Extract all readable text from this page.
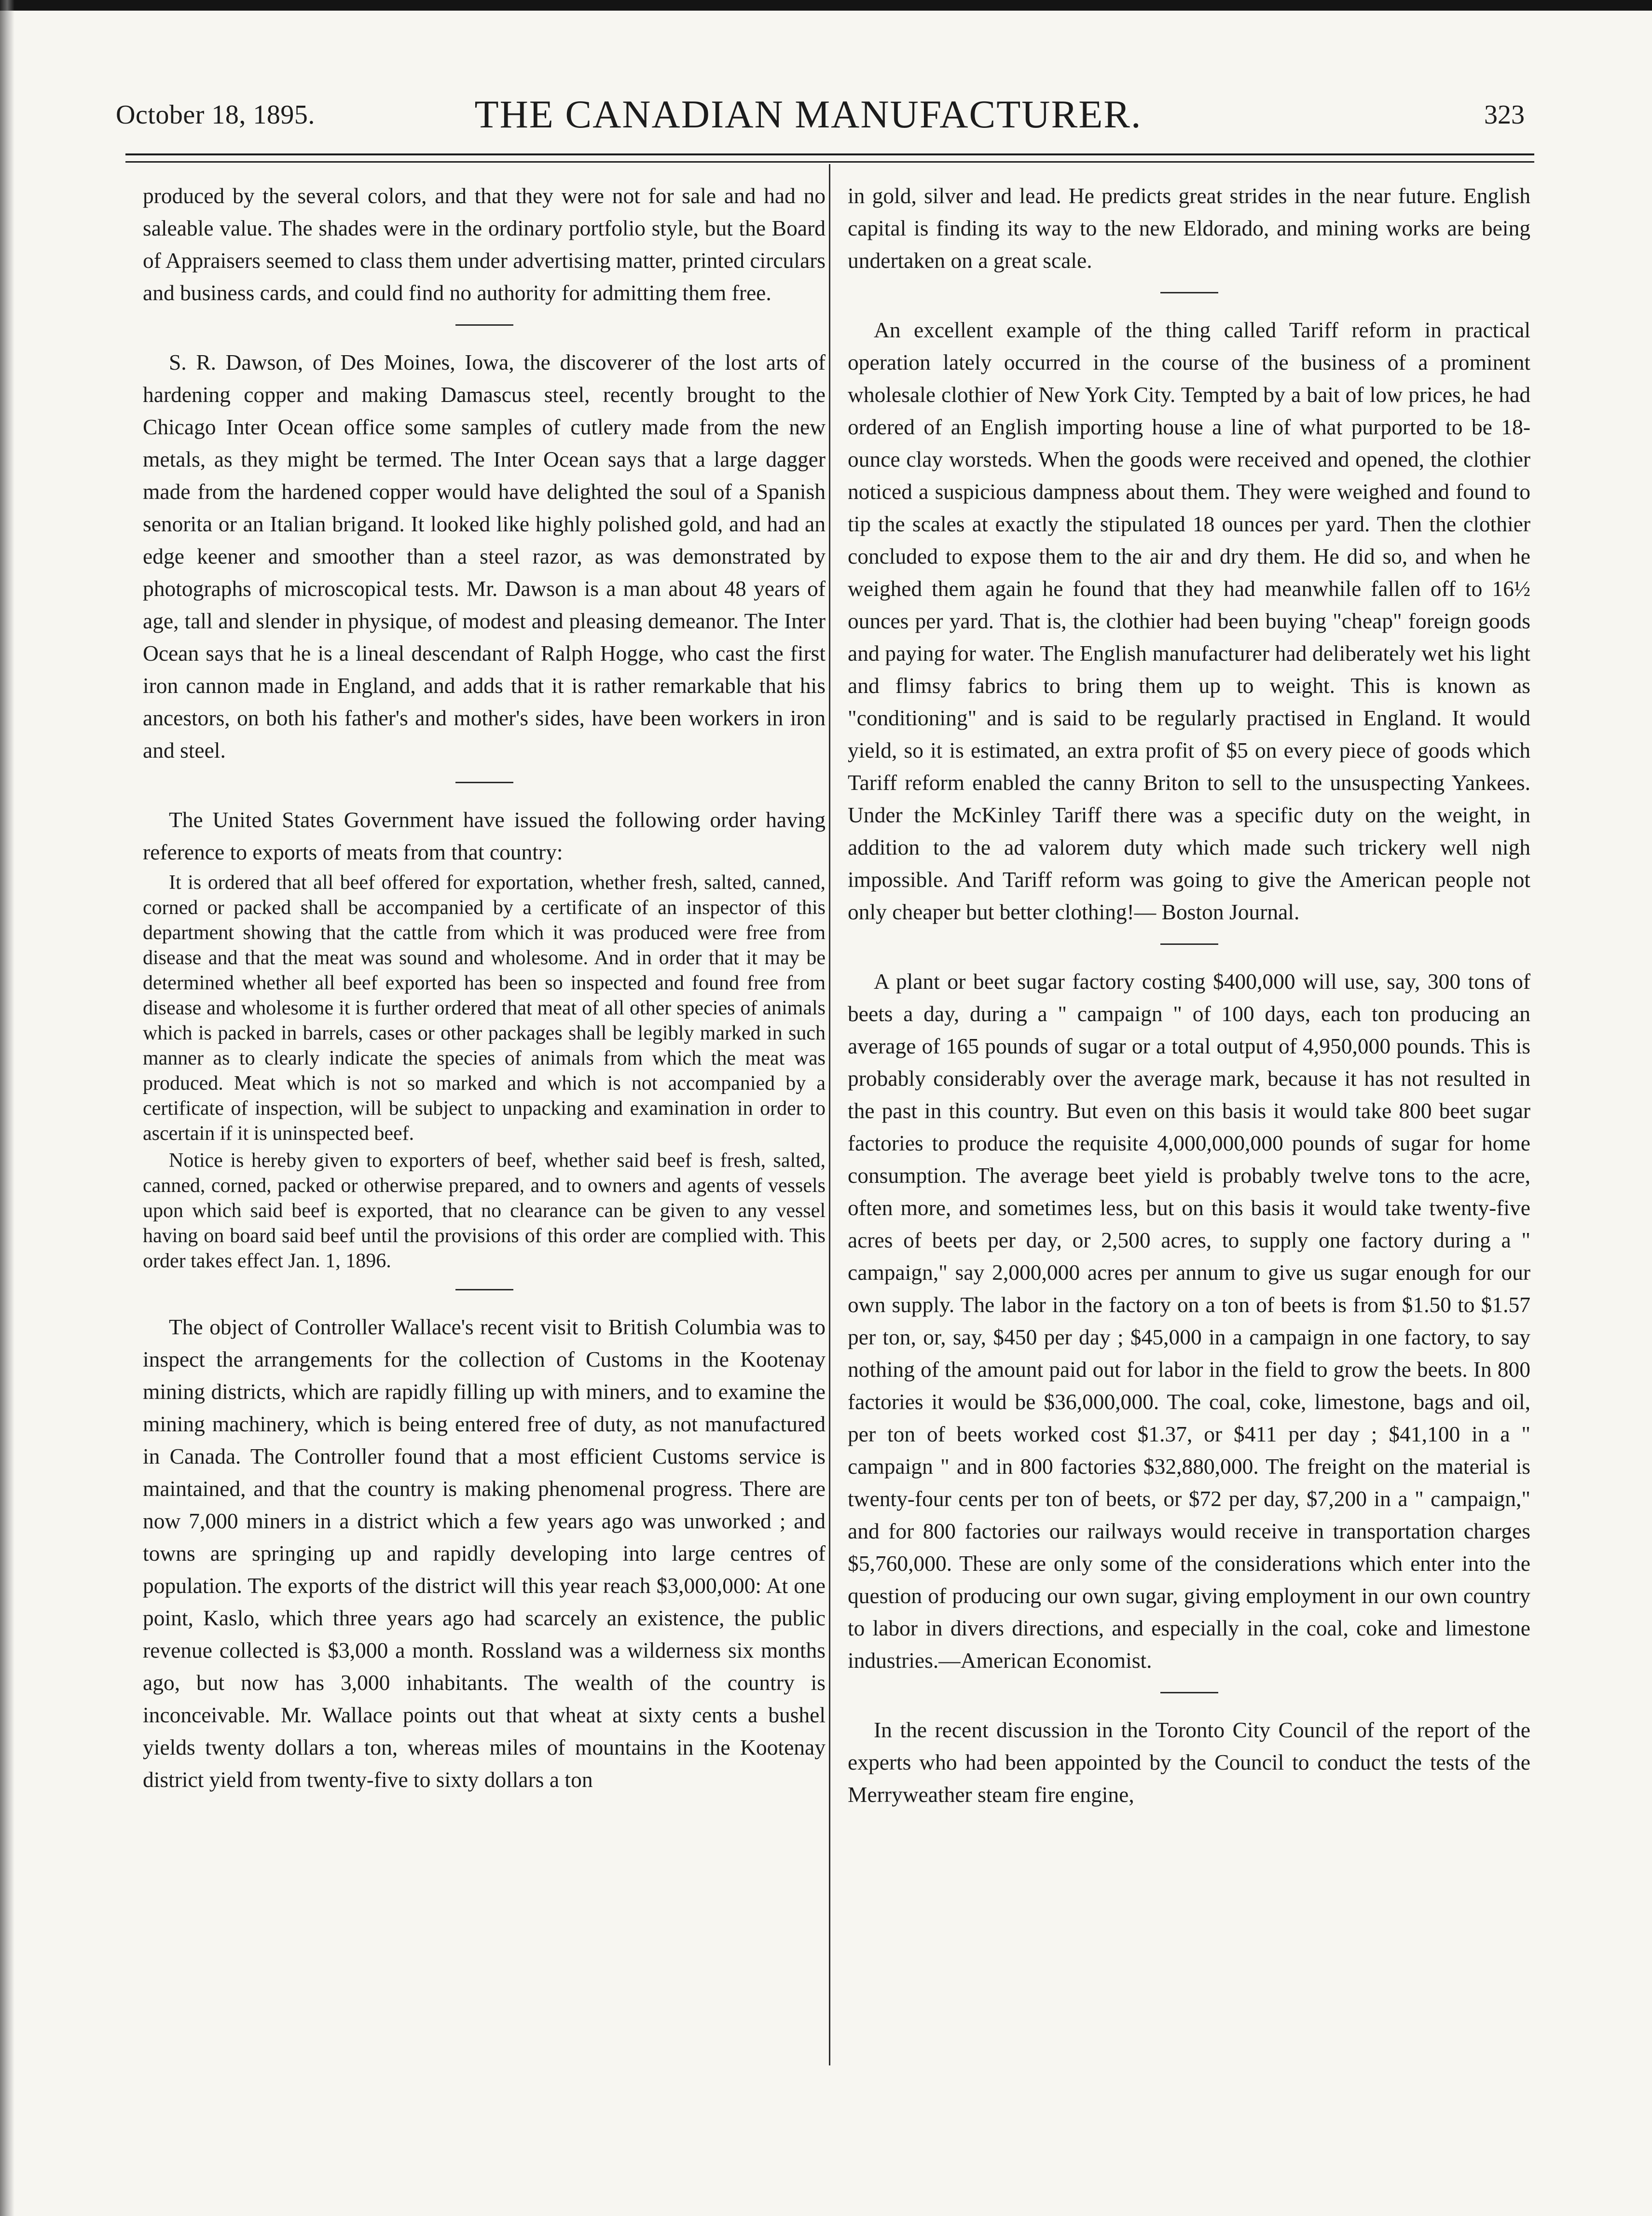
October 18, 1895.	THE CANADIAN MANUFACTURER.	323

produced by the several colors, and that they were not for sale and had no saleable value. The shades were in the ordinary portfolio style, but the Board of Appraisers seemed to class them under advertising matter, printed circulars and business cards, and could find no authority for admitting them free.

S. R. Dawson, of Des Moines, Iowa, the discoverer of the lost arts of hardening copper and making Damascus steel, recently brought to the Chicago Inter Ocean office some samples of cutlery made from the new metals, as they might be termed. The Inter Ocean says that a large dagger made from the hardened copper would have delighted the soul of a Spanish senorita or an Italian brigand. It looked like highly polished gold, and had an edge keener and smoother than a steel razor, as was demonstrated by photographs of microscopical tests. Mr. Dawson is a man about 48 years of age, tall and slender in physique, of modest and pleasing demeanor. The Inter Ocean says that he is a lineal descendant of Ralph Hogge, who cast the first iron cannon made in England, and adds that it is rather remarkable that his ancestors, on both his father's and mother's sides, have been workers in iron and steel.

The United States Government have issued the following order having reference to exports of meats from that country:

It is ordered that all beef offered for exportation, whether fresh, salted, canned, corned or packed shall be accompanied by a certificate of an inspector of this department showing that the cattle from which it was produced were free from disease and that the meat was sound and wholesome. And in order that it may be determined whether all beef exported has been so inspected and found free from disease and wholesome it is further ordered that meat of all other species of animals which is packed in barrels, cases or other packages shall be legibly marked in such manner as to clearly indicate the species of animals from which the meat was produced. Meat which is not so marked and which is not accompanied by a certificate of inspection, will be subject to unpacking and examination in order to ascertain if it is uninspected beef.

Notice is hereby given to exporters of beef, whether said beef is fresh, salted, canned, corned, packed or otherwise prepared, and to owners and agents of vessels upon which said beef is exported, that no clearance can be given to any vessel having on board said beef until the provisions of this order are complied with. This order takes effect Jan. 1, 1896.

The object of Controller Wallace's recent visit to British Columbia was to inspect the arrangements for the collection of Customs in the Kootenay mining districts, which are rapidly filling up with miners, and to examine the mining machinery, which is being entered free of duty, as not manufactured in Canada. The Controller found that a most efficient Customs service is maintained, and that the country is making phenomenal progress. There are now 7,000 miners in a district which a few years ago was unworked ; and towns are springing up and rapidly developing into large centres of population. The exports of the district will this year reach $3,000,000: At one point, Kaslo, which three years ago had scarcely an existence, the public revenue collected is $3,000 a month. Rossland was a wilderness six months ago, but now has 3,000 inhabitants. The wealth of the country is inconceivable. Mr. Wallace points out that wheat at sixty cents a bushel yields twenty dollars a ton, whereas miles of mountains in the Kootenay district yield from twenty-five to sixty dollars a ton

in gold, silver and lead. He predicts great strides in the near future. English capital is finding its way to the new Eldorado, and mining works are being undertaken on a great scale.

An excellent example of the thing called Tariff reform in practical operation lately occurred in the course of the business of a prominent wholesale clothier of New York City. Tempted by a bait of low prices, he had ordered of an English importing house a line of what purported to be 18-ounce clay worsteds. When the goods were received and opened, the clothier noticed a suspicious dampness about them. They were weighed and found to tip the scales at exactly the stipulated 18 ounces per yard. Then the clothier concluded to expose them to the air and dry them. He did so, and when he weighed them again he found that they had meanwhile fallen off to 16½ ounces per yard. That is, the clothier had been buying "cheap" foreign goods and paying for water. The English manufacturer had deliberately wet his light and flimsy fabrics to bring them up to weight. This is known as "conditioning" and is said to be regularly practised in England. It would yield, so it is estimated, an extra profit of $5 on every piece of goods which Tariff reform enabled the canny Briton to sell to the unsuspecting Yankees. Under the McKinley Tariff there was a specific duty on the weight, in addition to the ad valorem duty which made such trickery well nigh impossible. And Tariff reform was going to give the American people not only cheaper but better clothing!— Boston Journal.

A plant or beet sugar factory costing $400,000 will use, say, 300 tons of beets a day, during a " campaign " of 100 days, each ton producing an average of 165 pounds of sugar or a total output of 4,950,000 pounds. This is probably considerably over the average mark, because it has not resulted in the past in this country. But even on this basis it would take 800 beet sugar factories to produce the requisite 4,000,000,000 pounds of sugar for home consumption. The average beet yield is probably twelve tons to the acre, often more, and sometimes less, but on this basis it would take twenty-five acres of beets per day, or 2,500 acres, to supply one factory during a " campaign," say 2,000,000 acres per annum to give us sugar enough for our own supply. The labor in the factory on a ton of beets is from $1.50 to $1.57 per ton, or, say, $450 per day ; $45,000 in a campaign in one factory, to say nothing of the amount paid out for labor in the field to grow the beets. In 800 factories it would be $36,000,000. The coal, coke, limestone, bags and oil, per ton of beets worked cost $1.37, or $411 per day ; $41,100 in a " campaign " and in 800 factories $32,880,000. The freight on the material is twenty-four cents per ton of beets, or $72 per day, $7,200 in a " campaign," and for 800 factories our railways would receive in transportation charges $5,760,000. These are only some of the considerations which enter into the question of producing our own sugar, giving employment in our own country to labor in divers directions, and especially in the coal, coke and limestone industries.—American Economist.

In the recent discussion in the Toronto City Council of the report of the experts who had been appointed by the Council to conduct the tests of the Merryweather steam fire engine,
